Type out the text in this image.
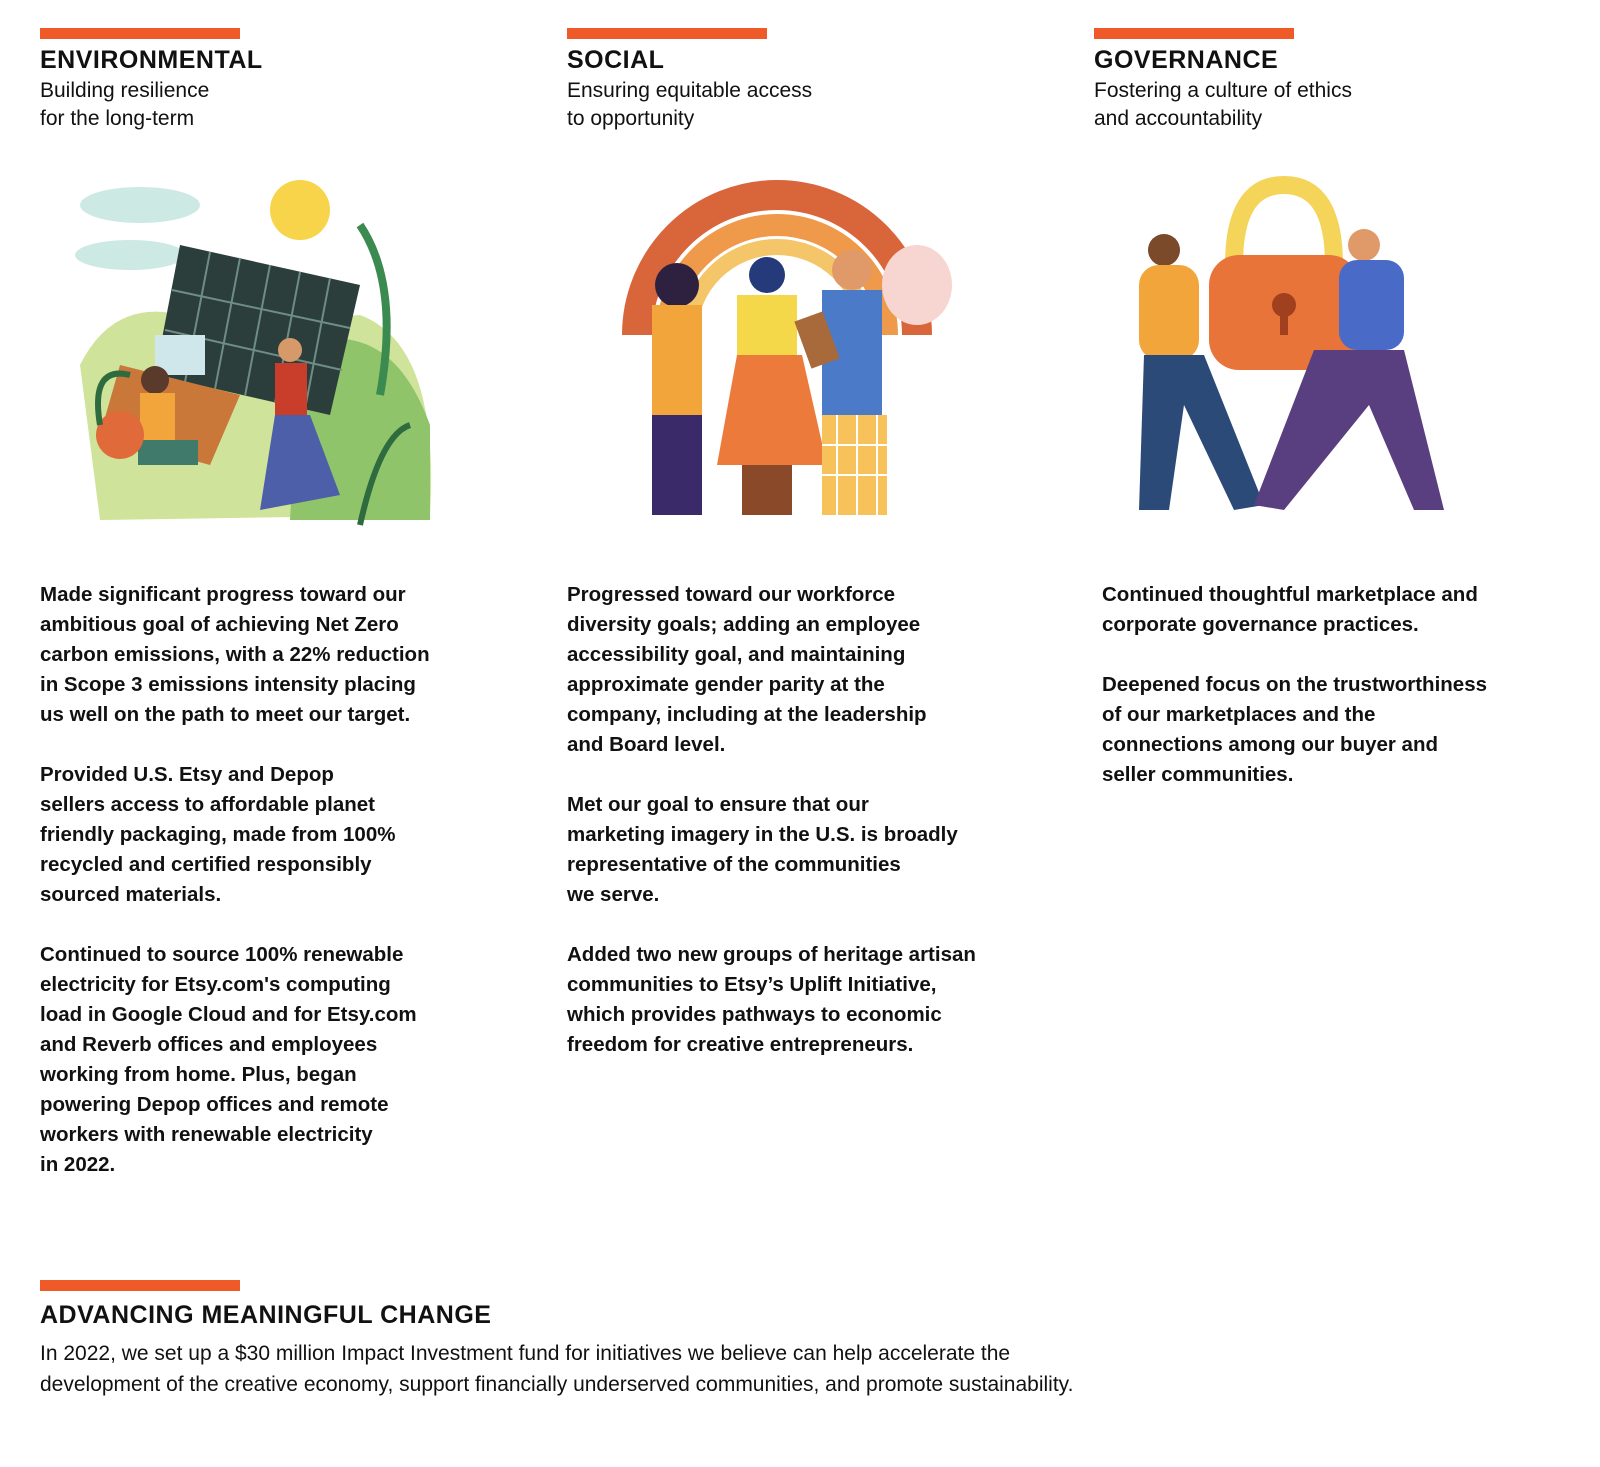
ENVIRONMENTAL
Building resilience
for the long-term

Made significant progress toward our
ambitious goal of achieving Net Zero
carbon emissions, with a 22% reduction
in Scope 3 emissions intensity placing
us well on the path to meet our target.

Provided U.S. Etsy and Depop
sellers access to affordable planet
friendly packaging, made from 100%
recycled and certified responsibly
sourced materials.

Continued to source 100% renewable
electricity for Etsy.com's computing
load in Google Cloud and for Etsy.com
and Reverb offices and employees
working from home. Plus, began
powering Depop offices and remote
workers with renewable electricity
in 2022.

SOCIAL
Ensuring equitable access
to opportunity

Progressed toward our workforce
diversity goals; adding an employee
accessibility goal, and maintaining
approximate gender parity at the
company, including at the leadership
and Board level.

Met our goal to ensure that our
marketing imagery in the U.S. is broadly
representative of the communities
we serve.

Added two new groups of heritage artisan
communities to Etsy’s Uplift Initiative,
which provides pathways to economic
freedom for creative entrepreneurs.

GOVERNANCE
Fostering a culture of ethics
and accountability

Continued thoughtful marketplace and
corporate governance practices.

Deepened focus on the trustworthiness
of our marketplaces and the
connections among our buyer and
seller communities.

ADVANCING MEANINGFUL CHANGE
In 2022, we set up a $30 million Impact Investment fund for initiatives we believe can help accelerate the
development of the creative economy, support financially underserved communities, and promote sustainability.
